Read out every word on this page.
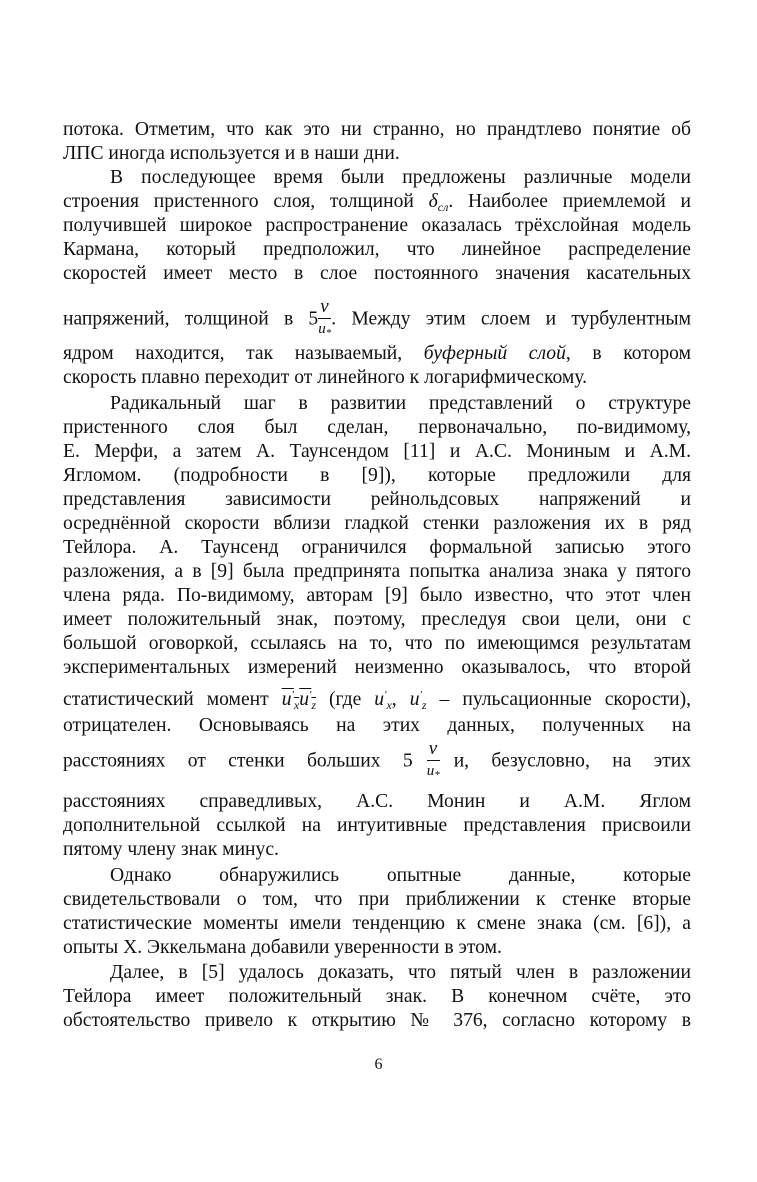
потока. Отметим, что как это ни странно, но прандтлево понятие об
ЛПС иногда используется и в наши дни.
В последующее время были предложены различные модели
строения пристенного слоя, толщиной $\delta_{сл}$. Наиболее приемлемой и
получившей широкое распространение оказалась трёхслойная модель
Кармана, который предположил, что линейное распределение
скоростей имеет место в слое постоянного значения касательных
напряжений, толщиной в $5 \frac{\nu}{u_*}$ . Между этим слоем и турбулентным
ядром находится, так называемый, буферный слой, в котором
скорость плавно переходит от линейного к логарифмическому.
Радикальный шаг в развитии представлений о структуре
пристенного слоя был сделан, первоначально, по-видимому,
Е. Мерфи, а затем А. Таунсендом [11] и А.С. Мониным и А.М.
Ягломом. (подробности в [9]), которые предложили для
представления зависимости рейнольдсовых напряжений и
осреднённой скорости вблизи гладкой стенки разложения их в ряд
Тейлора. А. Таунсенд ограничился формальной записью этого
разложения, а в [9] была предпринята попытка анализа знака у пятого
члена ряда. По-видимому, авторам [9] было известно, что этот член
имеет положительный знак, поэтому, преследуя свои цели, они с
большой оговоркой, ссылаясь на то, что по имеющимся результатам
экспериментальных измерений неизменно оказывалось, что второй
статистический момент $u'_xu'_z$ (где $u'_x$, $u'_z$ – пульсационные скорости),
отрицателен. Основываясь на этих данных, полученных на
расстояниях от стенки больших $5 \frac{\nu}{u_*} и$, безусловно, на этих
расстояниях справедливых, А.С. Монин и А.М. Яглом
дополнительной ссылкой на интуитивные представления присвоили
пятому члену знак минус.
Однако обнаружились опытные данные, которые
свидетельствовали о том, что при приближении к стенке вторые
статистические моменты имели тенденцию к смене знака (см. [6]), а
опыты Х. Эккельмана добавили уверенности в этом.
Далее, в [5] удалось доказать, что пятый член в разложении
Тейлора имеет положительный знак. В конечном счёте, это
обстоятельство привело к открытию № 376, согласно которому в
6
